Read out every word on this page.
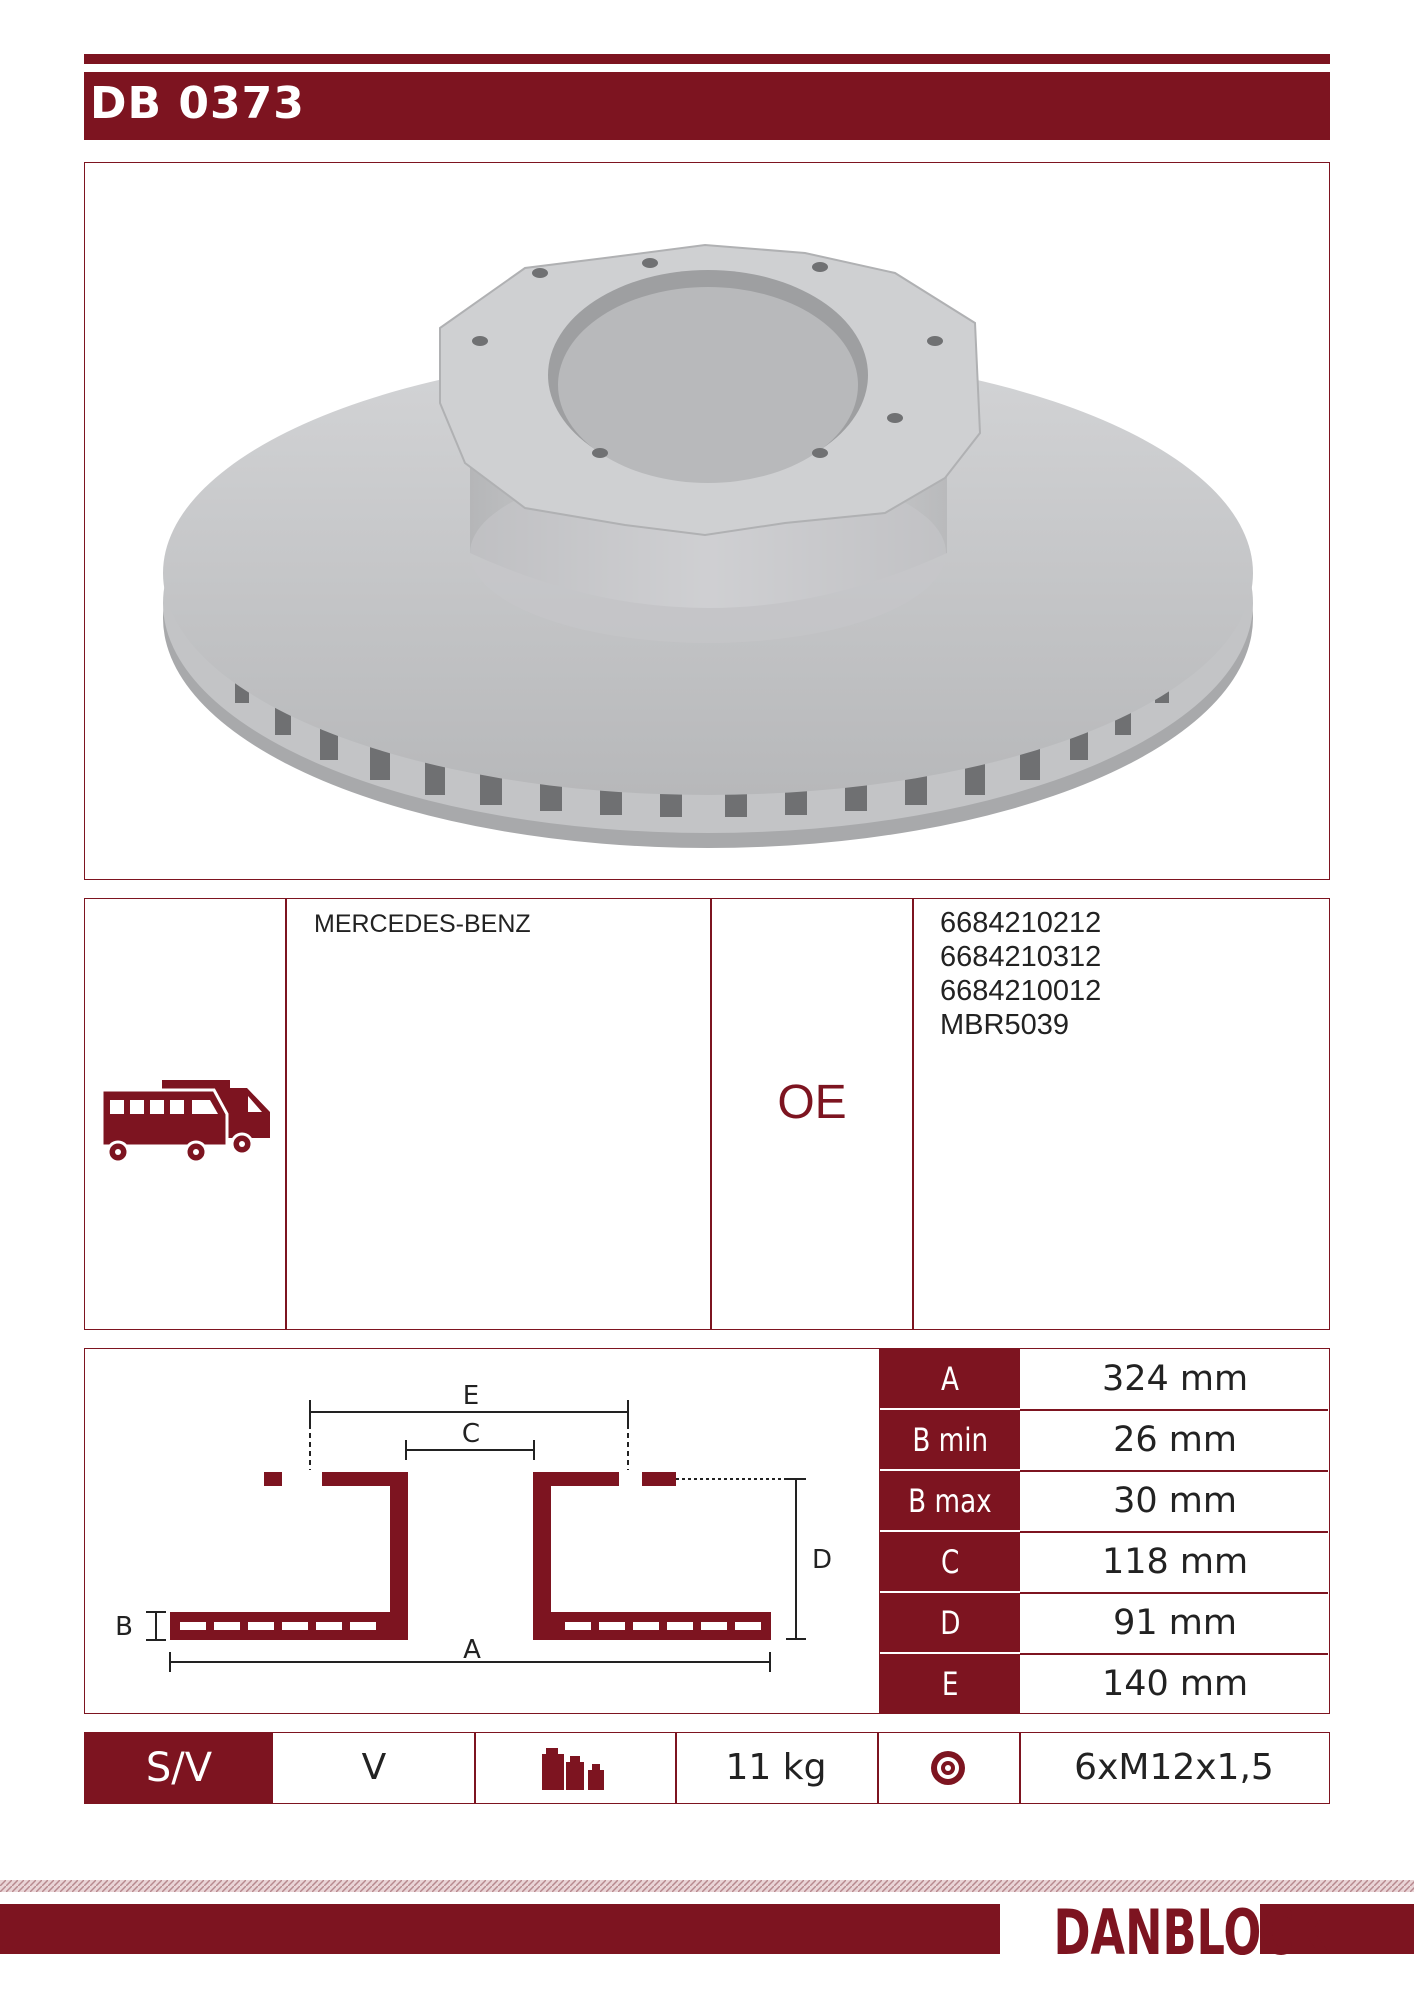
DB 0373
MERCEDES-BENZ
OE
6684210212
6684210312
6684210012
MBR5039
E
C
D
B
A
A	324 mm
B min	26 mm
B max	30 mm
C	118 mm
D	91 mm
E	140 mm
S/V	V	11 kg	6xM12x1,5
DANBLOCK
